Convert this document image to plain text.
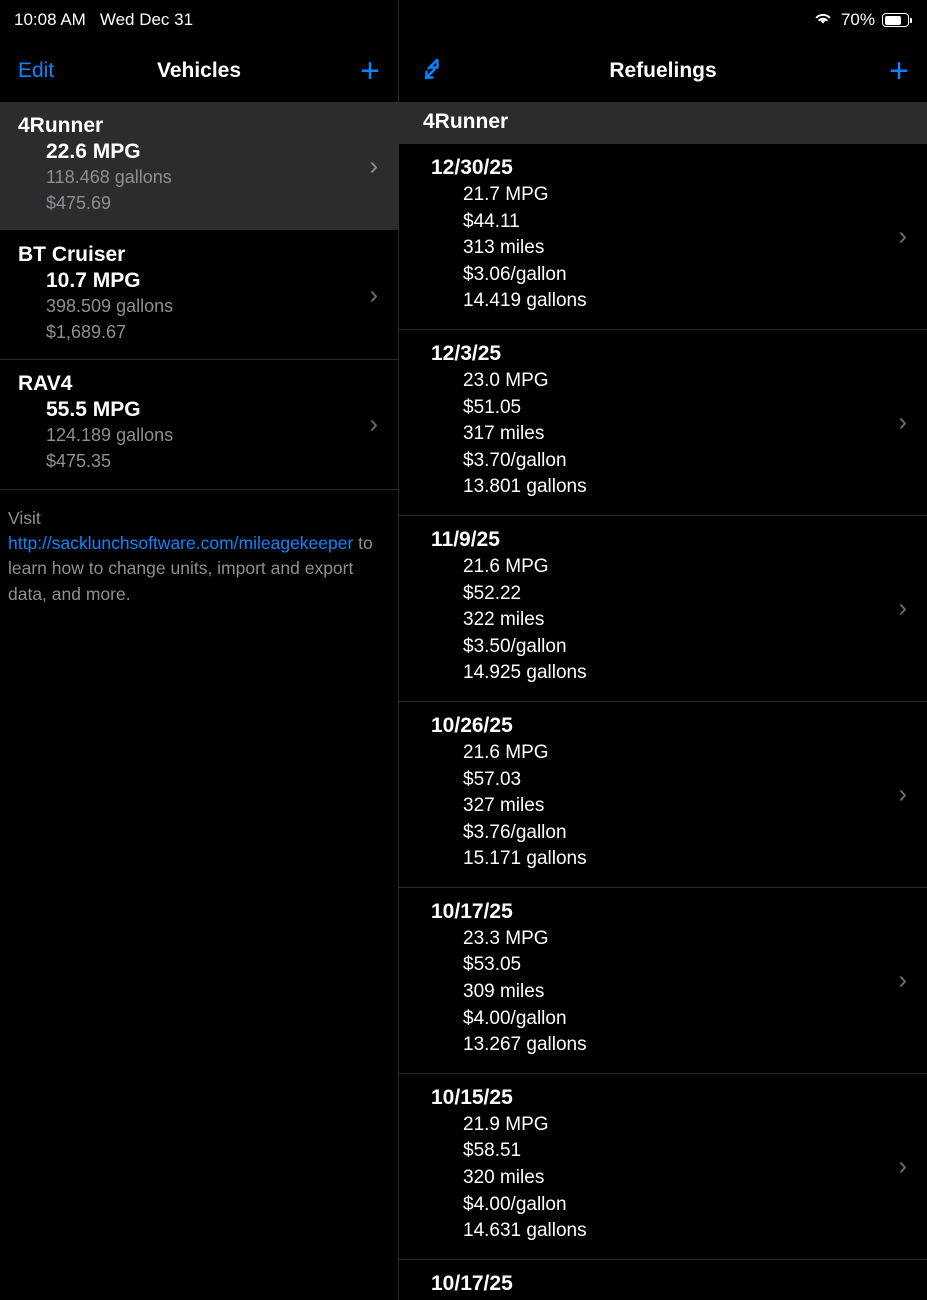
10:08 AM Wed Dec 31
Edit	Vehicles	+
4Runner
22.6 MPG
118.468 gallons
$475.69
›
BT Cruiser
10.7 MPG
398.509 gallons
$1,689.67
›
RAV4
55.5 MPG
124.189 gallons
$475.35
›
Visit http://sacklunchsoftware.com/mileagekeeper to learn how to change units, import and export data, and more.
70%
Refuelings	+
4Runner
12/30/25
21.7 MPG
$44.11
313 miles
$3.06/gallon
14.419 gallons
›
12/3/25
23.0 MPG
$51.05
317 miles
$3.70/gallon
13.801 gallons
›
11/9/25
21.6 MPG
$52.22
322 miles
$3.50/gallon
14.925 gallons
›
10/26/25
21.6 MPG
$57.03
327 miles
$3.76/gallon
15.171 gallons
›
10/17/25
23.3 MPG
$53.05
309 miles
$4.00/gallon
13.267 gallons
›
10/15/25
21.9 MPG
$58.51
320 miles
$4.00/gallon
14.631 gallons
›
10/17/25
